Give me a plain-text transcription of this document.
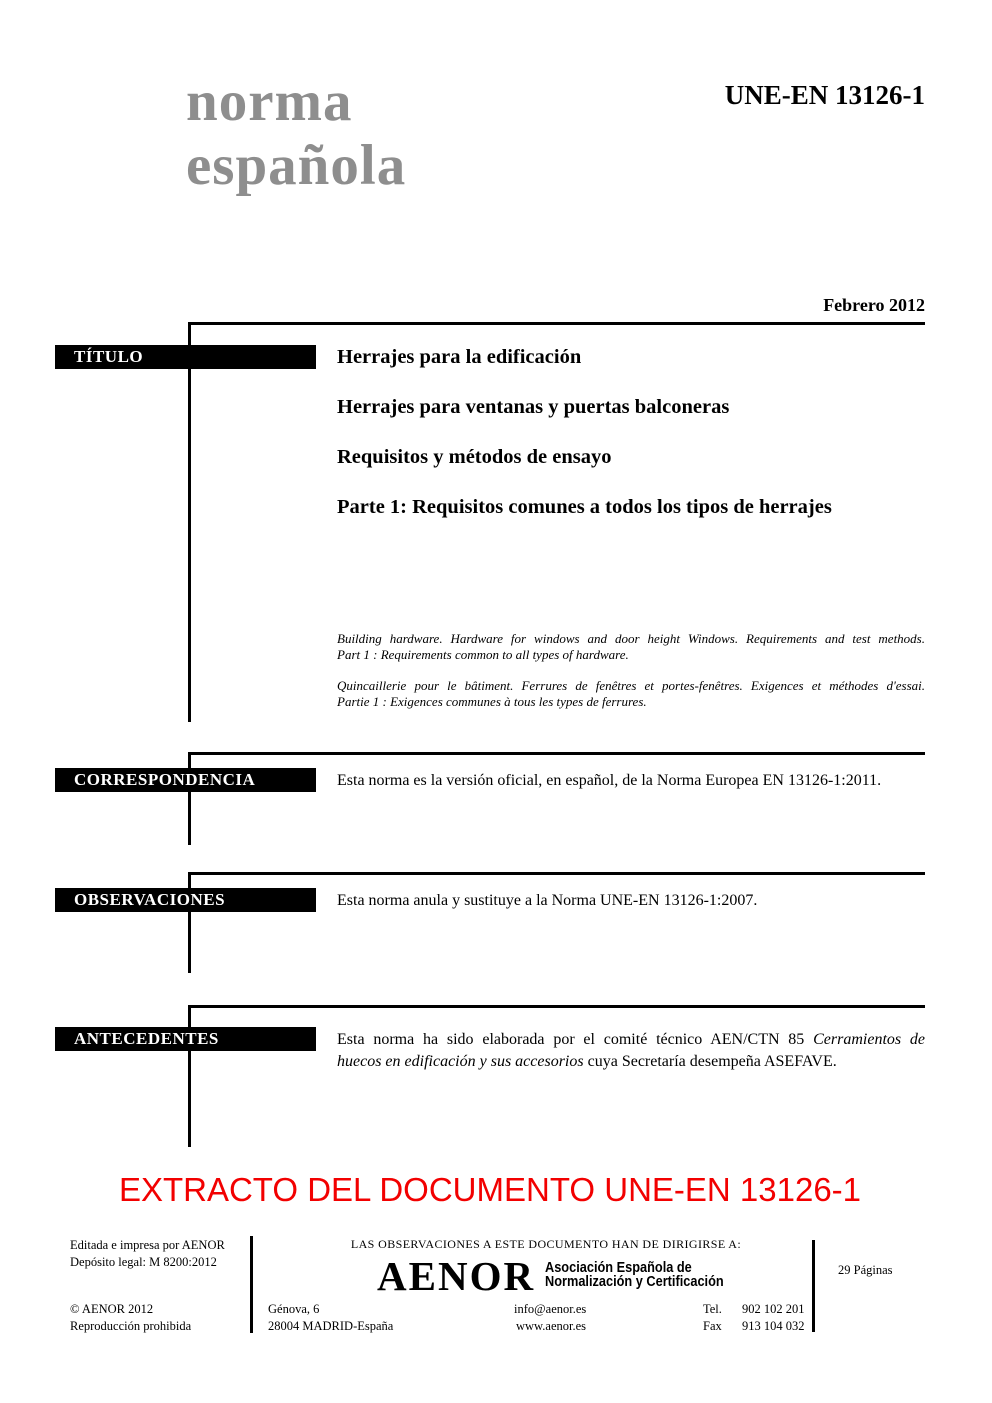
norma
española
UNE-EN 13126-1
Febrero 2012
TÍTULO
CORRESPONDENCIA
OBSERVACIONES
ANTECEDENTES
Herrajes para la edificación
Herrajes para ventanas y puertas balconeras
Requisitos y métodos de ensayo
Parte 1: Requisitos comunes a todos los tipos de herrajes
Building hardware. Hardware for windows and door height Windows. Requirements and test methods.
Part 1 : Requirements common to all types of hardware.
Quincaillerie pour le bâtiment. Ferrures de fenêtres et portes-fenêtres. Exigences et méthodes d'essai.
Partie 1 : Exigences communes à tous les types de ferrures.
Esta norma es la versión oficial, en español, de la Norma Europea EN 13126-1:2011.
Esta norma anula y sustituye a la Norma UNE-EN 13126-1:2007.
Esta norma ha sido elaborada por el comité técnico AEN/CTN 85 Cerramientos de
huecos en edificación y sus accesorios cuya Secretaría desempeña ASEFAVE.
EXTRACTO DEL DOCUMENTO UNE-EN 13126-1
Editada e impresa por AENOR
Depósito legal: M 8200:2012
© AENOR 2012
Reproducción prohibida
LAS OBSERVACIONES A ESTE DOCUMENTO HAN DE DIRIGIRSE A:
AENOR Asociación Española de
Normalización y Certificación
Génova, 6
28004 MADRID-España
info@aenor.es
www.aenor.es
Tel. 902 102 201
Fax 913 104 032
29 Páginas
